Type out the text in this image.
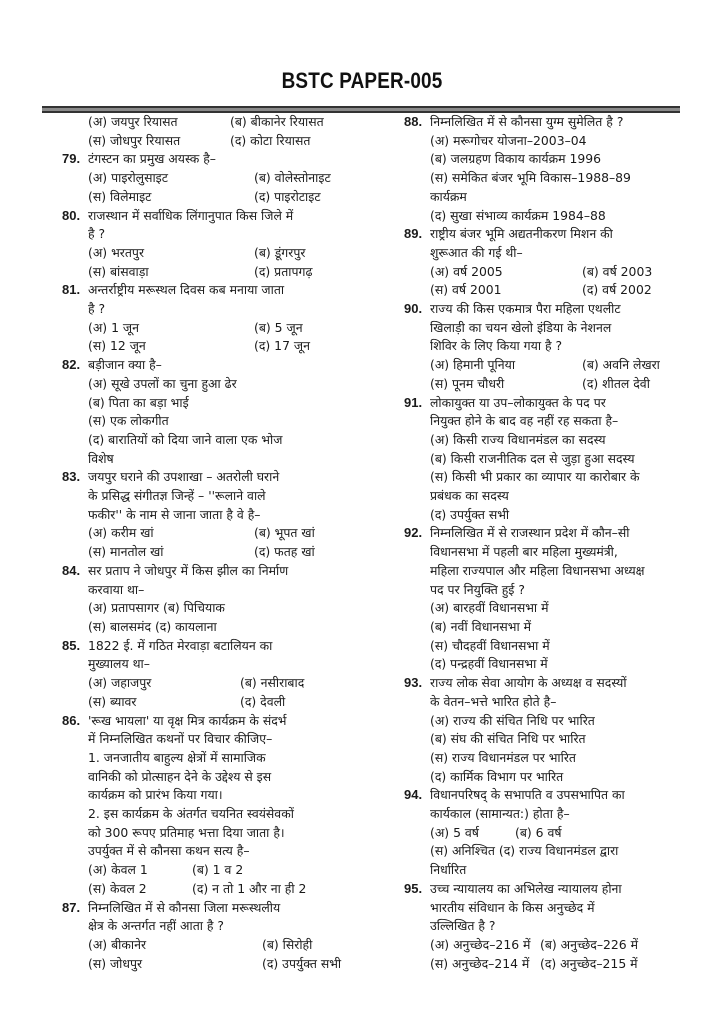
BSTC PAPER-005
(अ) जयपुर रियासत	(ब) बीकानेर रियासत
(स) जोधपुर रियासत	(द) कोटा रियासत
79. टंगस्टन का प्रमुख अयस्क है–
(अ) पाइरोलुसाइट	(ब) वोलेस्तोनाइट
(स) विलेमाइट	(द) पाइरोटाइट
80. राजस्थान में सर्वाधिक लिंगानुपात किस जिले में
है ?
(अ) भरतपुर	(ब) डूंगरपुर
(स) बांसवाड़ा	(द) प्रतापगढ़
81. अन्तर्राष्ट्रीय मरूस्थल दिवस कब मनाया जाता
है ?
(अ) 1 जून	(ब) 5 जून
(स) 12 जून	(द) 17 जून
82. बड़ीजान क्या है–
(अ) सूखे उपलों का चुना हुआ ढेर
(ब) पिता का बड़ा भाई
(स) एक लोकगीत
(द) बारातियों को दिया जाने वाला एक भोज
विशेष
83. जयपुर घराने की उपशाखा – अतरोली घराने
के प्रसिद्ध संगीतज्ञ जिन्हें – ''रूलाने वाले
फकीर'' के नाम से जाना जाता है वे है–
(अ) करीम खां	(ब) भूपत खां
(स) मानतोल खां	(द) फतह खां
84. सर प्रताप ने जोधपुर में किस झील का निर्माण
करवाया था–
(अ) प्रतापसागर (ब) पिचियाक
(स) बालसमंद (द) कायलाना
85. 1822 ई. में गठित मेरवाड़ा बटालियन का
मुख्यालय था–
(अ) जहाजपुर	(ब) नसीराबाद
(स) ब्यावर	(द) देवली
86. 'रूख भायला' या वृक्ष मित्र कार्यक्रम के संदर्भ
में निम्नलिखित कथनों पर विचार कीजिए–
1. जनजातीय बाहुल्य क्षेत्रों में सामाजिक
वानिकी को प्रोत्साहन देने के उद्देश्य से इस
कार्यक्रम को प्रारंभ किया गया।
2. इस कार्यक्रम के अंतर्गत चयनित स्वयंसेवकों
को 300 रूपए प्रतिमाह भत्ता दिया जाता है।
उपर्युक्त में से कौनसा कथन सत्य है–
(अ) केवल 1	(ब) 1 व 2
(स) केवल 2	(द) न तो 1 और ना ही 2
87. निम्नलिखित में से कौनसा जिला मरूस्थलीय
क्षेत्र के अन्तर्गत नहीं आता है ?
(अ) बीकानेर	(ब) सिरोही
(स) जोधपुर	(द) उपर्युक्त सभी
88. निम्नलिखित में से कौनसा युग्म सुमेलित है ?
(अ) मरूगोचर योजना–2003–04
(ब) जलग्रहण विकाय कार्यक्रम 1996
(स) समेकित बंजर भूमि विकास–1988–89
कार्यक्रम
(द) सुखा संभाव्य कार्यक्रम 1984–88
89. राष्ट्रीय बंजर भूमि अद्यतनीकरण मिशन की
शुरूआत की गई थी–
(अ) वर्ष 2005	(ब) वर्ष 2003
(स) वर्ष 2001	(द) वर्ष 2002
90. राज्य की किस एकमात्र पैरा महिला एथलीट
खिलाड़ी का चयन खेलो इंडिया के नेशनल
शिविर के लिए किया गया है ?
(अ) हिमानी पूनिया	(ब) अवनि लेखरा
(स) पूनम चौधरी	(द) शीतल देवी
91. लोकायुक्त या उप–लोकायुक्त के पद पर
नियुक्त होने के बाद वह नहीं रह सकता है–
(अ) किसी राज्य विधानमंडल का सदस्य
(ब) किसी राजनीतिक दल से जुड़ा हुआ सदस्य
(स) किसी भी प्रकार का व्यापार या कारोबार के
प्रबंधक का सदस्य
(द) उपर्युक्त सभी
92. निम्नलिखित में से राजस्थान प्रदेश में कौन–सी
विधानसभा में पहली बार महिला मुख्यमंत्री,
महिला राज्यपाल और महिला विधानसभा अध्यक्ष
पद पर नियुक्ति हुई ?
(अ) बारहवीं विधानसभा में
(ब) नवीं विधानसभा में
(स) चौदहवीं विधानसभा में
(द) पन्द्रहवीं विधानसभा में
93. राज्य लोक सेवा आयोग के अध्यक्ष व सदस्यों
के वेतन–भत्ते भारित होते है–
(अ) राज्य की संचित निधि पर भारित
(ब) संघ की संचित निधि पर भारित
(स) राज्य विधानमंडल पर भारित
(द) कार्मिक विभाग पर भारित
94. विधानपरिषद् के सभापति व उपसभापित का
कार्यकाल (सामान्यत:) होता है–
(अ) 5 वर्ष	(ब) 6 वर्ष
(स) अनिश्चित (द) राज्य विधानमंडल द्वारा
निर्धारित
95. उच्च न्यायालय का अभिलेख न्यायालय होना
भारतीय संविधान के किस अनुच्छेद में
उल्लिखित है ?
(अ) अनुच्छेद–216 में (ब) अनुच्छेद–226 में
(स) अनुच्छेद–214 में (द) अनुच्छेद–215 में
